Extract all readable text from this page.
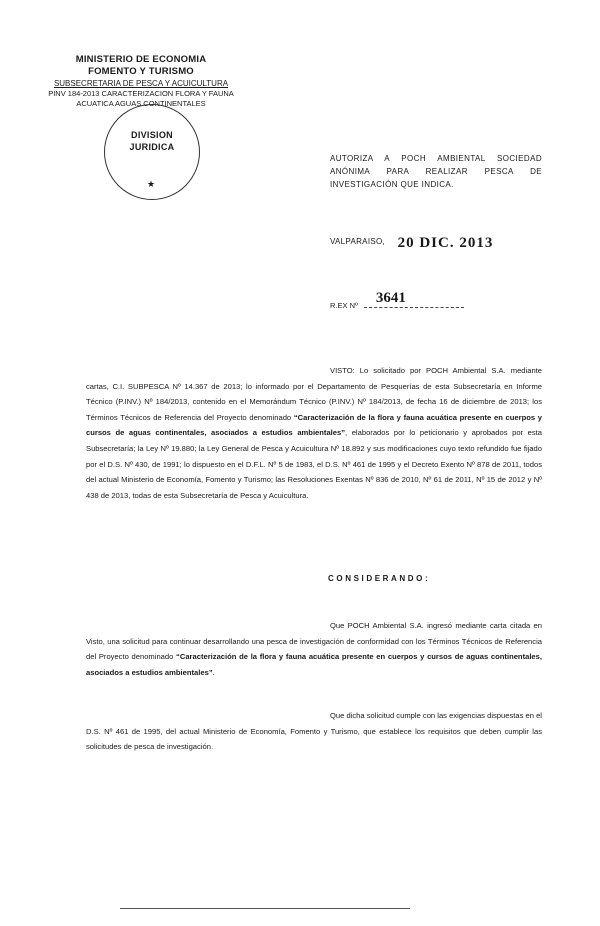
MINISTERIO DE ECONOMIA
FOMENTO Y TURISMO
SUBSECRETARIA DE PESCA Y ACUICULTURA
PINV 184-2013 CARACTERIZACION FLORA Y FAUNA
ACUATICA AGUAS CONTINENTALES
DIVISION
JURIDICA
★
AUTORIZA A POCH AMBIENTAL SOCIEDAD ANÓNIMA PARA REALIZAR PESCA DE INVESTIGACIÓN QUE INDICA.
VALPARAISO, 20 DIC. 2013
R.EX Nº 3641
VISTO: Lo solicitado por POCH Ambiental S.A. mediante cartas, C.I. SUBPESCA Nº 14.367 de 2013; lo informado por el Departamento de Pesquerías de esta Subsecretaría en Informe Técnico (P.INV.) Nº 184/2013, contenido en el Memorándum Técnico (P.INV.) Nº 184/2013, de fecha 16 de diciembre de 2013; los Términos Técnicos de Referencia del Proyecto denominado “Caracterización de la flora y fauna acuática presente en cuerpos y cursos de aguas continentales, asociados a estudios ambientales”, elaborados por lo peticionario y aprobados por esta Subsecretaría; la Ley Nº 19.880; la Ley General de Pesca y Acuicultura Nº 18.892 y sus modificaciones cuyo texto refundido fue fijado por el D.S. Nº 430, de 1991; lo dispuesto en el D.F.L. Nº 5 de 1983, el D.S. Nº 461 de 1995 y el Decreto Exento Nº 878 de 2011, todos del actual Ministerio de Economía, Fomento y Turismo; las Resoluciones Exentas Nº 836 de 2010, Nº 61 de 2011, Nº 15 de 2012 y Nº 438 de 2013, todas de esta Subsecretaría de Pesca y Acuicultura.
CONSIDERANDO:
Que POCH Ambiental S.A. ingresó mediante carta citada en Visto, una solicitud para continuar desarrollando una pesca de investigación de conformidad con los Términos Técnicos de Referencia del Proyecto denominado “Caracterización de la flora y fauna acuática presente en cuerpos y cursos de aguas continentales, asociados a estudios ambientales”.
Que dicha solicitud cumple con las exigencias dispuestas en el D.S. Nº 461 de 1995, del actual Ministerio de Economía, Fomento y Turismo, que establece los requisitos que deben cumplir las solicitudes de pesca de investigación.
